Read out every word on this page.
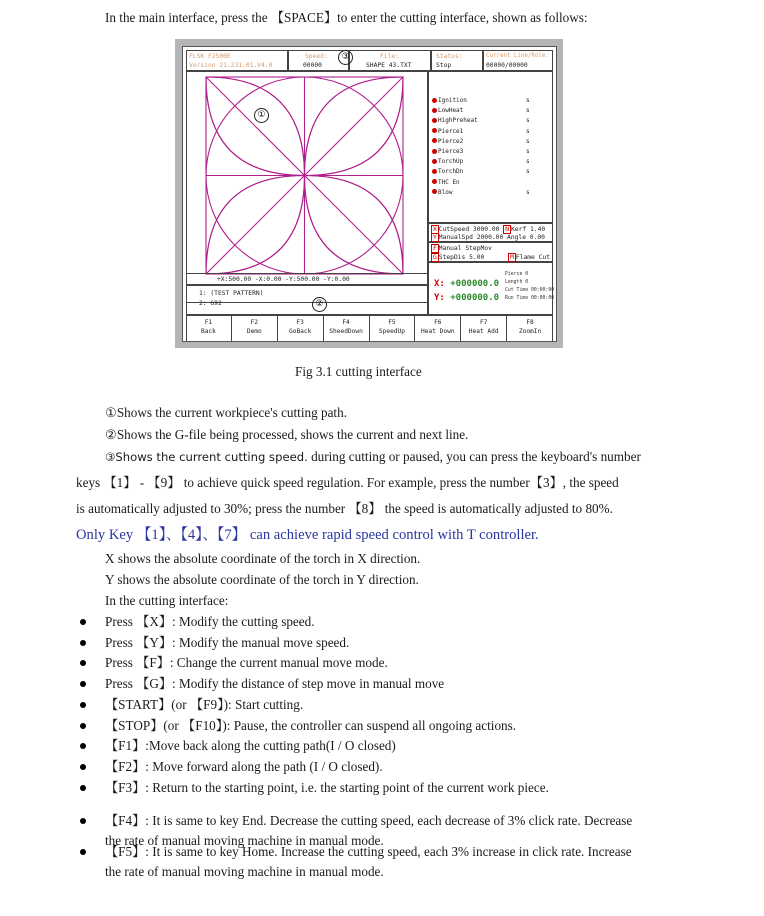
In the main interface, press the 【SPACE】to enter the cutting interface, shown as follows:
FLSK F2500E
Version 21.231.01.V4.0
Speed:
00000
File:
SHAPE 43.TXT
Status:
Stop
Current Line/Role:
00000/00000
③
①
Ignition	s
LowHeat	s
HighPreheat	s
Pierce1	s
Pierce2	s
Pierce3	s
TorchUp	s
TorchDn	s
THC En
Blow	s
X CutSpeed 3000.00 N Kerf 1.40
Y ManualSpd 2000.00 Angle 0.00
F Manual StepMov
G StepDis 5.00	M Flame Cut
+X:500.00 -X:0.00 -Y:500.00 -Y:0.00
1: (TEST PATTERN)
2: G92	②
X: +000000.0
Y: +000000.0
Pierce 0
Length 0
Cut Time 00:00:00
Run Time 00:00:00
F1
Back
F2
Demo
F3
GoBack
F4
SheedDown
F5
SpeedUp
F6
Heat Down
F7
Heat Add
F8
ZoomIn
Fig 3.1 cutting interface
①Shows the current workpiece's cutting path.
②Shows the G-file being processed, shows the current and next line.
③Shows the current cutting speed. during cutting or paused, you can press the keyboard's number
keys 【1】 - 【9】 to achieve quick speed regulation. For example, press the number【3】, the speed
is automatically adjusted to 30%; press the number 【8】 the speed is automatically adjusted to 80%.
Only Key 【1】、【4】、【7】 can achieve rapid speed control with T controller.
X shows the absolute coordinate of the torch in X direction.
Y shows the absolute coordinate of the torch in Y direction.
In the cutting interface:
Press 【X】: Modify the cutting speed.
Press 【Y】: Modify the manual move speed.
Press 【F】: Change the current manual move mode.
Press 【G】: Modify the distance of step move in manual move
【START】(or 【F9】): Start cutting.
【STOP】(or 【F10】): Pause, the controller can suspend all ongoing actions.
【F1】:Move back along the cutting path(I / O closed)
【F2】: Move forward along the path (I / O closed).
【F3】: Return to the starting point, i.e. the starting point of the current work piece.
【F4】: It is same to key End. Decrease the cutting speed, each decrease of 3% click rate. Decrease
the rate of manual moving machine in manual mode.
【F5】: It is same to key Home. Increase the cutting speed, each 3% increase in click rate. Increase
the rate of manual moving machine in manual mode.
